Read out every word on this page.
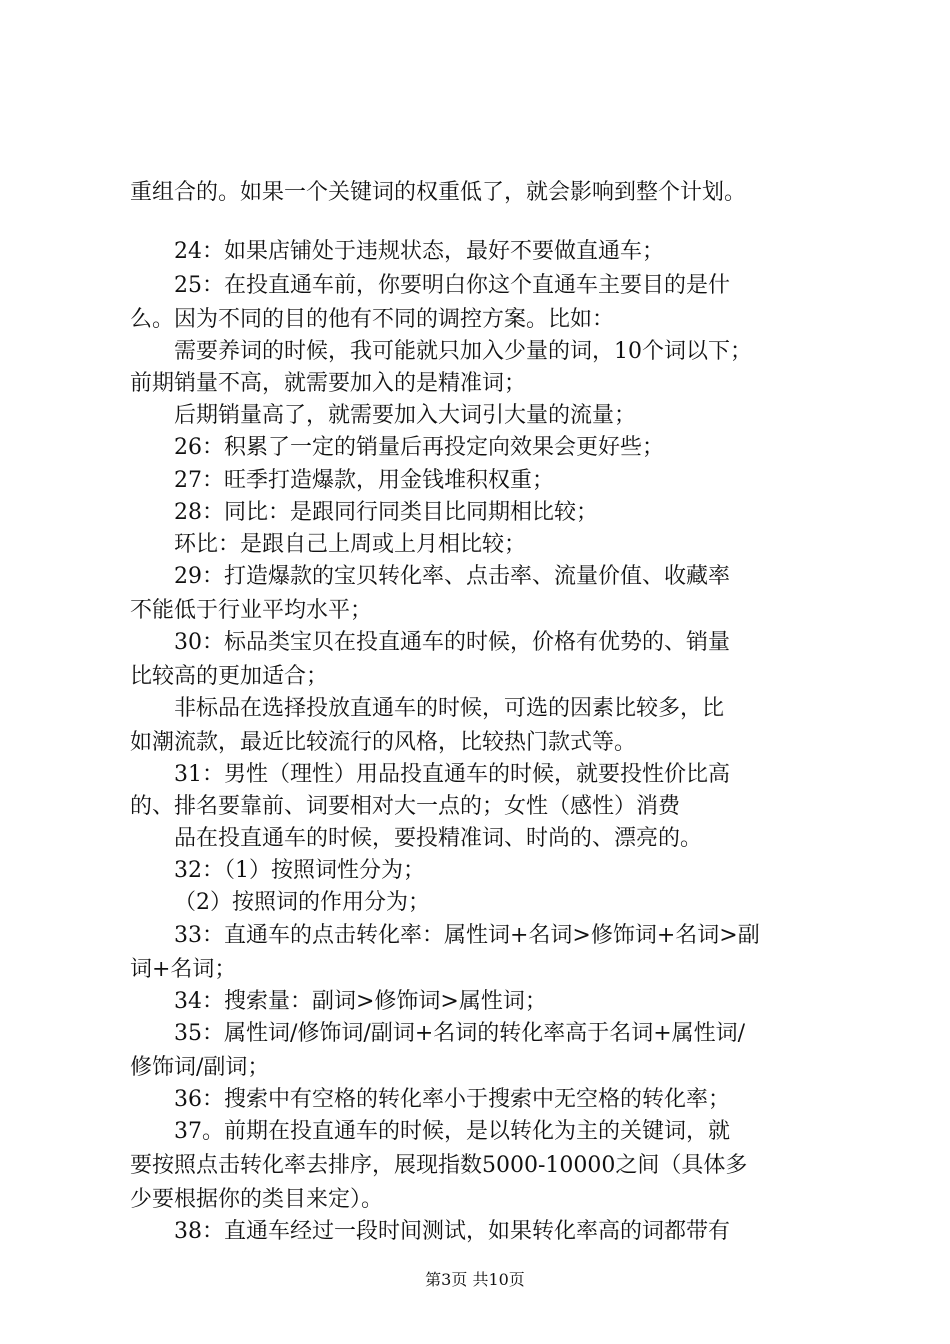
重组合的。如果一个关键词的权重低了，就会影响到整个计划。
24：如果店铺处于违规状态，最好不要做直通车；
25：在投直通车前，你要明白你这个直通车主要目的是什
么。因为不同的目的他有不同的调控方案。比如：
需要养词的时候，我可能就只加入少量的词，10个词以下；
前期销量不高，就需要加入的是精准词；
后期销量高了，就需要加入大词引大量的流量；
26：积累了一定的销量后再投定向效果会更好些；
27：旺季打造爆款，用金钱堆积权重；
28：同比：是跟同行同类目比同期相比较；
环比：是跟自己上周或上月相比较；
29：打造爆款的宝贝转化率、点击率、流量价值、收藏率
不能低于行业平均水平；
30：标品类宝贝在投直通车的时候，价格有优势的、销量
比较高的更加适合；
非标品在选择投放直通车的时候，可选的因素比较多，比
如潮流款，最近比较流行的风格，比较热门款式等。
31：男性（理性）用品投直通车的时候，就要投性价比高
的、排名要靠前、词要相对大一点的；女性（感性）消费
品在投直通车的时候，要投精准词、时尚的、漂亮的。
32：（1）按照词性分为；
（2）按照词的作用分为；
33：直通车的点击转化率：属性词+名词>修饰词+名词>副
词+名词；
34：搜索量：副词>修饰词>属性词；
35：属性词/修饰词/副词+名词的转化率高于名词+属性词/
修饰词/副词；
36：搜索中有空格的转化率小于搜索中无空格的转化率；
37。前期在投直通车的时候，是以转化为主的关键词，就
要按照点击转化率去排序，展现指数5000-10000之间（具体多
少要根据你的类目来定）。
38：直通车经过一段时间测试，如果转化率高的词都带有
第3页 共10页
